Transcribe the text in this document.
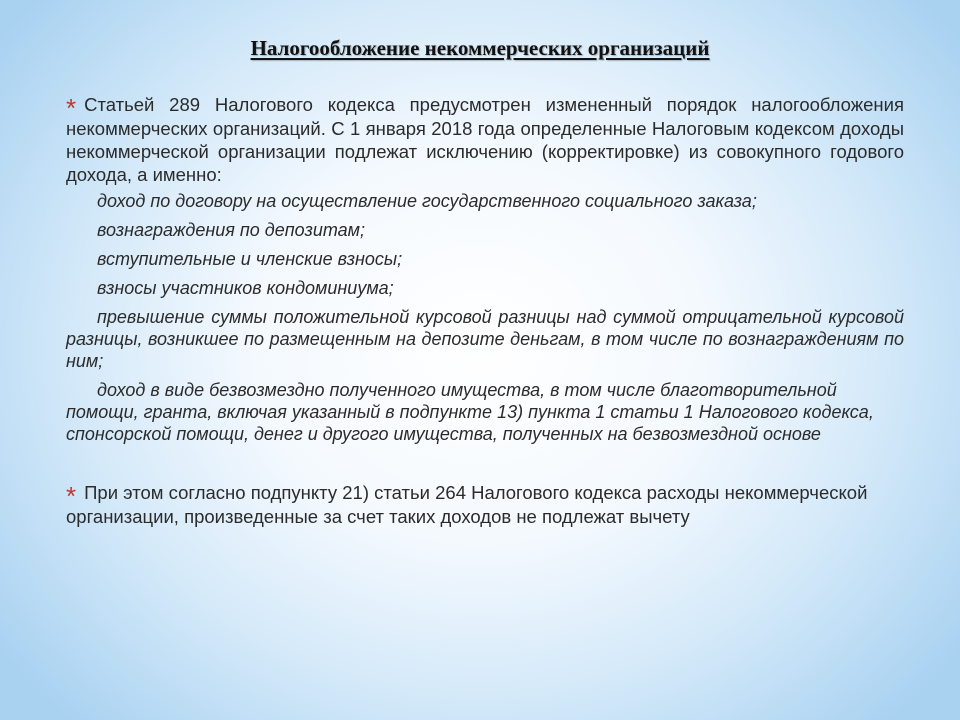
Налогообложение некоммерческих организаций

* Статьей 289 Налогового кодекса предусмотрен измененный порядок налогообложения некоммерческих организаций. С 1 января 2018 года определенные Налоговым кодексом доходы некоммерческой организации подлежат исключению (корректировке) из совокупного годового дохода, а именно:

доход по договору на осуществление государственного социального заказа;
вознаграждения по депозитам;
вступительные и членские взносы;
взносы участников кондоминиума;
превышение суммы положительной курсовой разницы над суммой отрицательной курсовой разницы, возникшее по размещенным на депозите деньгам, в том числе по вознаграждениям по ним;
доход в виде безвозмездно полученного имущества, в том числе благотворительной помощи, гранта, включая указанный в подпункте 13) пункта 1 статьи 1 Налогового кодекса, спонсорской помощи, денег и другого имущества, полученных на безвозмездной основе

* При этом согласно подпункту 21) статьи 264 Налогового кодекса расходы некоммерческой организации, произведенные за счет таких доходов не подлежат вычету
